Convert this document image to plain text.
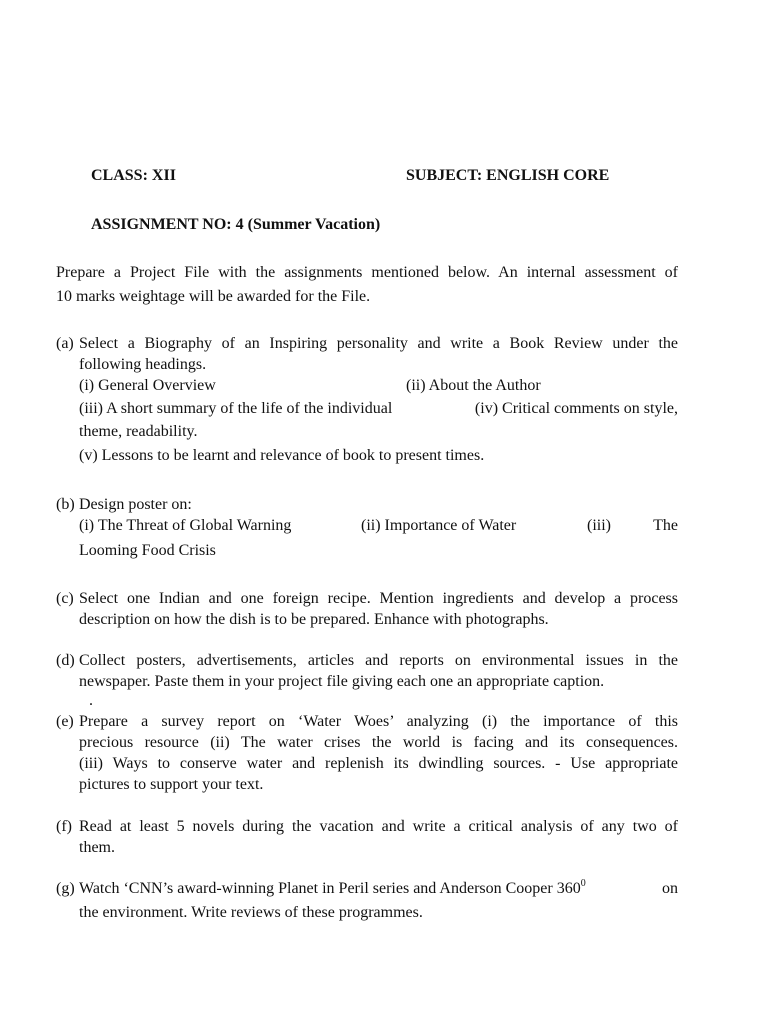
CLASS: XII	SUBJECT: ENGLISH CORE
ASSIGNMENT NO: 4 (Summer Vacation)
Prepare a Project File with the assignments mentioned below. An internal assessment of
10 marks weightage will be awarded for the File.
(a) Select a Biography of an Inspiring personality and write a Book Review under the
following headings.
(i) General Overview	(ii) About the Author
(iii) A short summary of the life of the individual	(iv) Critical comments on style,
theme, readability.
(v) Lessons to be learnt and relevance of book to present times.
(b) Design poster on:
(i) The Threat of Global Warning	(ii) Importance of Water	(iii)	The
Looming Food Crisis
(c) Select one Indian and one foreign recipe. Mention ingredients and develop a process
description on how the dish is to be prepared. Enhance with photographs.
(d) Collect posters, advertisements, articles and reports on environmental issues in the
newspaper. Paste them in your project file giving each one an appropriate caption.
.
(e) Prepare a survey report on ‘Water Woes’ analyzing (i) the importance of this
precious resource (ii) The water crises the world is facing and its consequences.
(iii) Ways to conserve water and replenish its dwindling sources. - Use appropriate
pictures to support your text.
(f) Read at least 5 novels during the vacation and write a critical analysis of any two of
them.
(g) Watch ‘CNN’s award-winning Planet in Peril series and Anderson Cooper $360^0$	on
the environment. Write reviews of these programmes.
